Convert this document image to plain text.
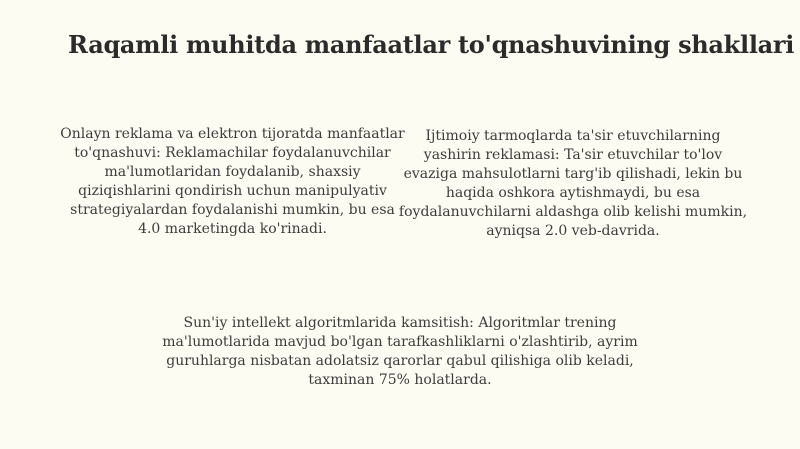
Raqamli muhitda manfaatlar to'qnashuvining shakllari

Onlayn reklama va elektron tijoratda manfaatlar to'qnashuvi: Reklamachilar foydalanuvchilar ma'lumotlaridan foydalanib, shaxsiy qiziqishlarini qondirish uchun manipulyativ strategiyalardan foydalanishi mumkin, bu esa 4.0 marketingda ko'rinadi.

Ijtimoiy tarmoqlarda ta'sir etuvchilarning yashirin reklamasi: Ta'sir etuvchilar to'lov evaziga mahsulotlarni targ'ib qilishadi, lekin bu haqida oshkora aytishmaydi, bu esa foydalanuvchilarni aldashga olib kelishi mumkin, ayniqsa 2.0 veb-davrida.

Sun'iy intellekt algoritmlarida kamsitish: Algoritmlar trening ma'lumotlarida mavjud bo'lgan tarafkashliklarni o'zlashtirib, ayrim guruhlarga nisbatan adolatsiz qarorlar qabul qilishiga olib keladi, taxminan 75% holatlarda.
